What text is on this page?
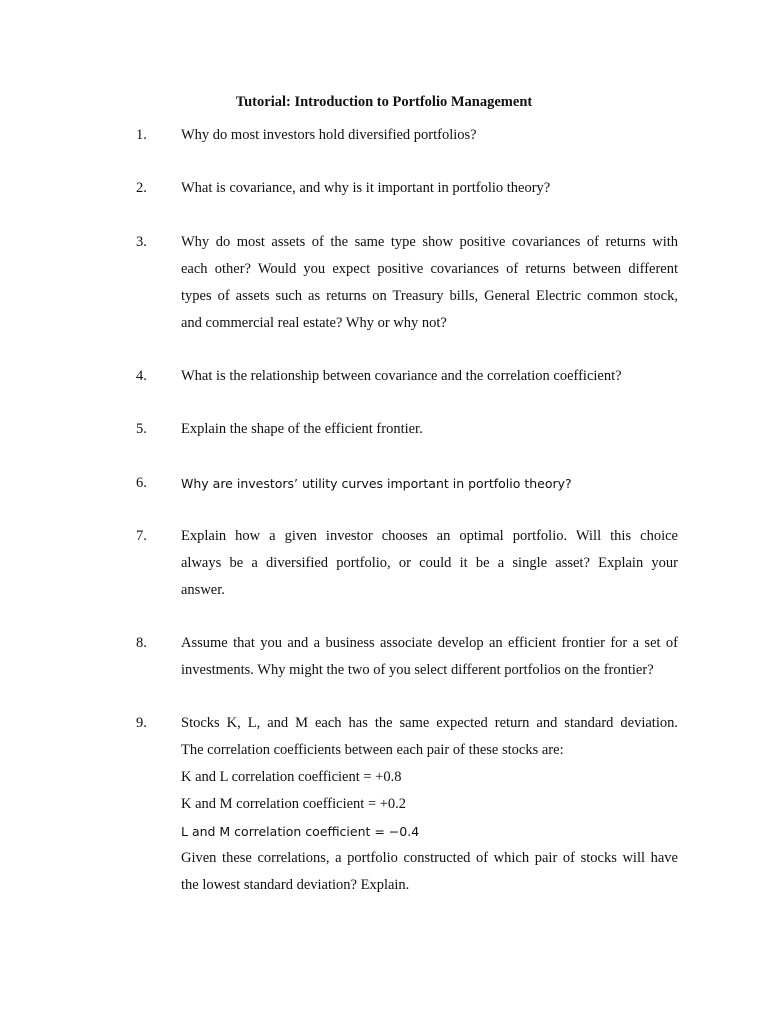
Tutorial: Introduction to Portfolio Management
1. Why do most investors hold diversified portfolios?
2. What is covariance, and why is it important in portfolio theory?
3. Why do most assets of the same type show positive covariances of returns with
each other? Would you expect positive covariances of returns between different
types of assets such as returns on Treasury bills, General Electric common stock,
and commercial real estate? Why or why not?
4. What is the relationship between covariance and the correlation coefficient?
5. Explain the shape of the efficient frontier.
6.	Why are investors’ utility curves important in portfolio theory?
7. Explain how a given investor chooses an optimal portfolio. Will this choice
always be a diversified portfolio, or could it be a single asset? Explain your
answer.
8. Assume that you and a business associate develop an efficient frontier for a set of
investments. Why might the two of you select different portfolios on the frontier?
9. Stocks K, L, and M each has the same expected return and standard deviation.
The correlation coefficients between each pair of these stocks are:
K and L correlation coefficient = +0.8
K and M correlation coefficient = +0.2
L and M correlation coefficient = −0.4
Given these correlations, a portfolio constructed of which pair of stocks will have
the lowest standard deviation? Explain.
